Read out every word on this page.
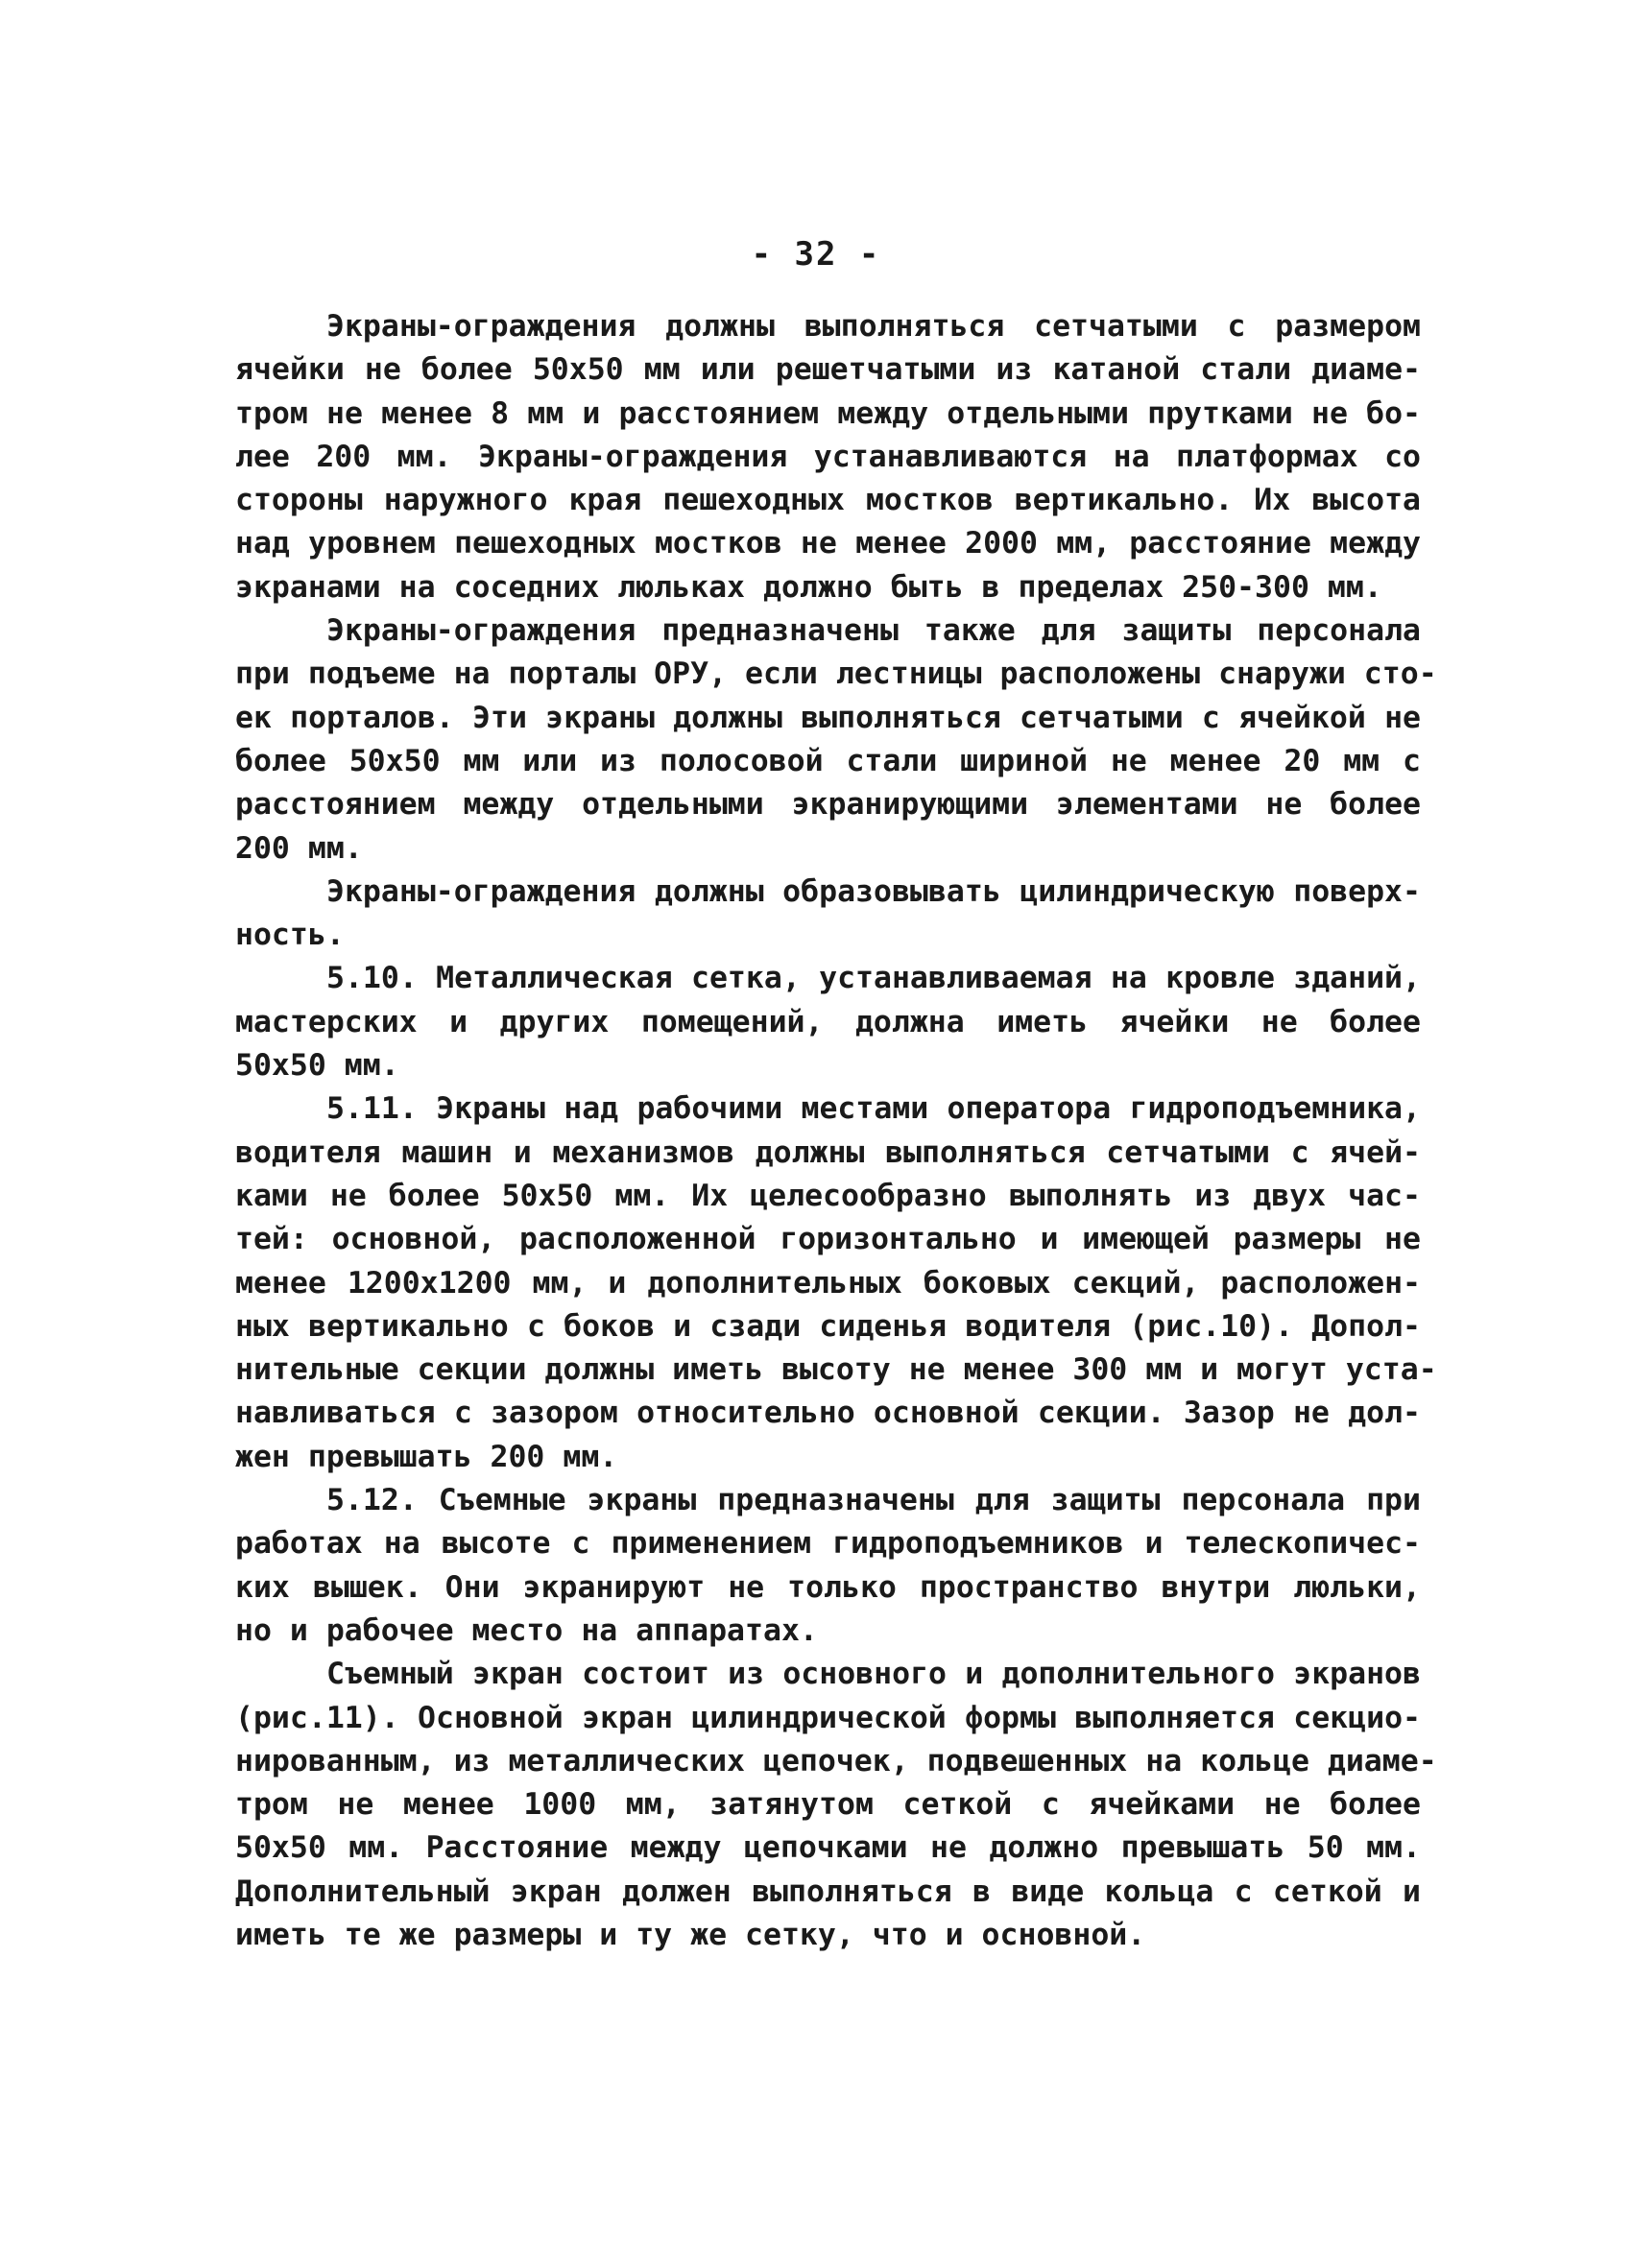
- 32 -
Экраны-ограждения должны выполняться сетчатыми с размером
ячейки не более 50х50 мм или решетчатыми из катаной стали диаме-
тром не менее 8 мм и расстоянием между отдельными прутками не бо-
лее 200 мм. Экраны-ограждения устанавливаются на платформах со
стороны наружного края пешеходных мостков вертикально. Их высота
над уровнем пешеходных мостков не менее 2000 мм, расстояние между
экранами на соседних люльках должно быть в пределах 250-300 мм.
Экраны-ограждения предназначены также для защиты персонала
при подъеме на порталы ОРУ, если лестницы расположены снаружи сто-
ек порталов. Эти экраны должны выполняться сетчатыми с ячейкой не
более 50х50 мм или из полосовой стали шириной не менее 20 мм с
расстоянием между отдельными экранирующими элементами не более
200 мм.
Экраны-ограждения должны образовывать цилиндрическую поверх-
ность.
5.10. Металлическая сетка, устанавливаемая на кровле зданий,
мастерских и других помещений, должна иметь ячейки не более
50х50 мм.
5.11. Экраны над рабочими местами оператора гидроподъемника,
водителя машин и механизмов должны выполняться сетчатыми с ячей-
ками не более 50х50 мм. Их целесообразно выполнять из двух час-
тей: основной, расположенной горизонтально и имеющей размеры не
менее 1200х1200 мм, и дополнительных боковых секций, расположен-
ных вертикально с боков и сзади сиденья водителя (рис.10). Допол-
нительные секции должны иметь высоту не менее 300 мм и могут уста-
навливаться с зазором относительно основной секции. Зазор не дол-
жен превышать 200 мм.
5.12. Съемные экраны предназначены для защиты персонала при
работах на высоте с применением гидроподъемников и телескопичес-
ких вышек. Они экранируют не только пространство внутри люльки,
но и рабочее место на аппаратах.
Съемный экран состоит из основного и дополнительного экранов
(рис.11). Основной экран цилиндрической формы выполняется секцио-
нированным, из металлических цепочек, подвешенных на кольце диаме-
тром не менее 1000 мм, затянутом сеткой с ячейками не более
50х50 мм. Расстояние между цепочками не должно превышать 50 мм.
Дополнительный экран должен выполняться в виде кольца с сеткой и
иметь те же размеры и ту же сетку, что и основной.
